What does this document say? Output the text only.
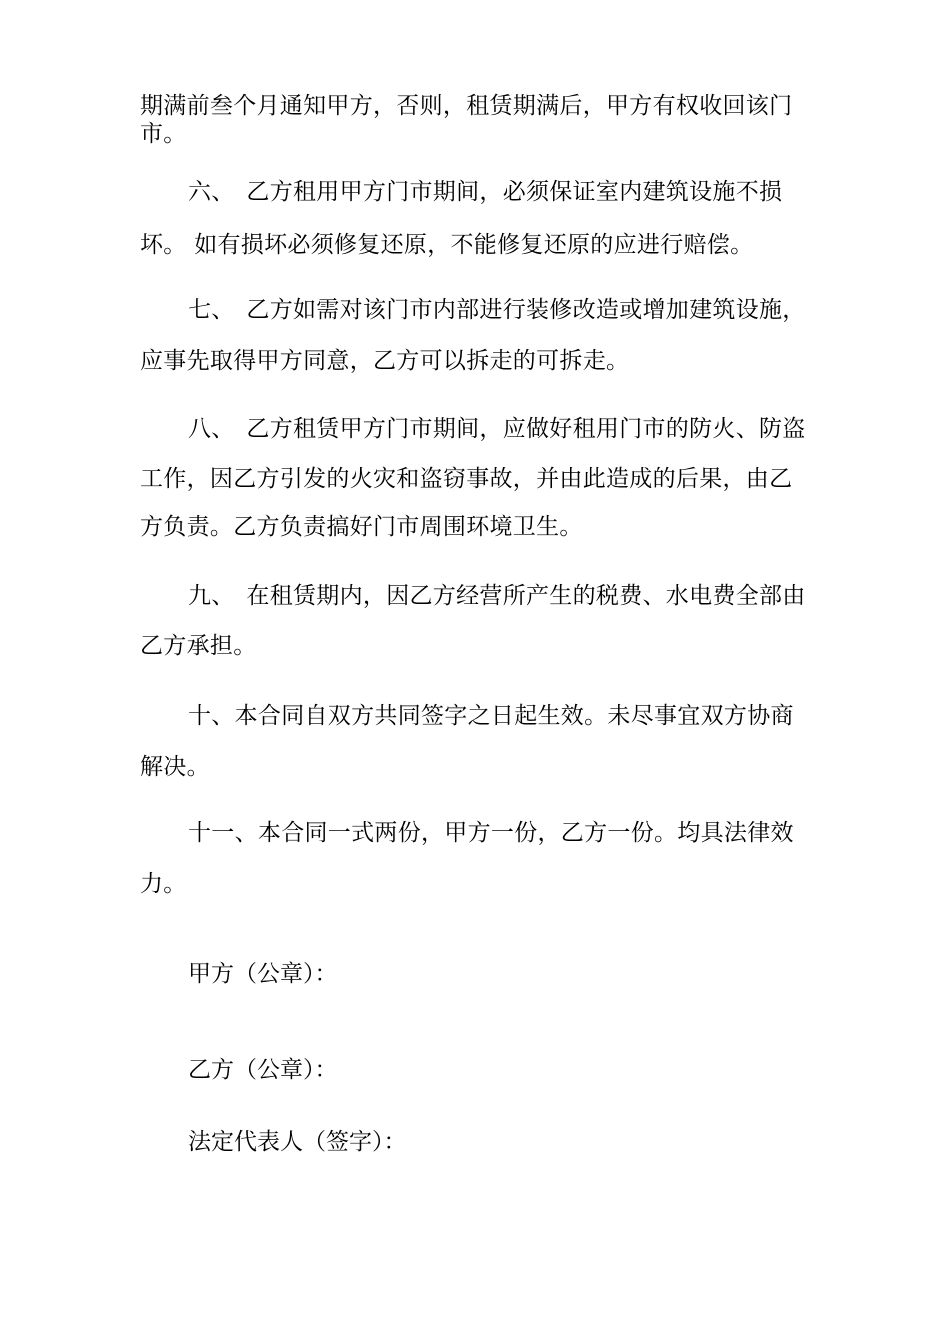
期满前叁个月通知甲方，否则，租赁期满后，甲方有权收回该门
市。
六、　乙方租用甲方门市期间，必须保证室内建筑设施不损
坏。 如有损坏必须修复还原，不能修复还原的应进行赔偿。
七、　乙方如需对该门市内部进行装修改造或增加建筑设施，
应事先取得甲方同意，乙方可以拆走的可拆走。
八、　乙方租赁甲方门市期间，应做好租用门市的防火、防盗
工作，因乙方引发的火灾和盗窃事故，并由此造成的后果，由乙
方负责。乙方负责搞好门市周围环境卫生。
九、　在租赁期内，因乙方经营所产生的税费、水电费全部由
乙方承担。
十、本合同自双方共同签字之日起生效。未尽事宜双方协商
解决。
十一、本合同一式两份，甲方一份，乙方一份。均具法律效
力。
甲方（公章）：
乙方（公章）：
法定代表人（签字）：
